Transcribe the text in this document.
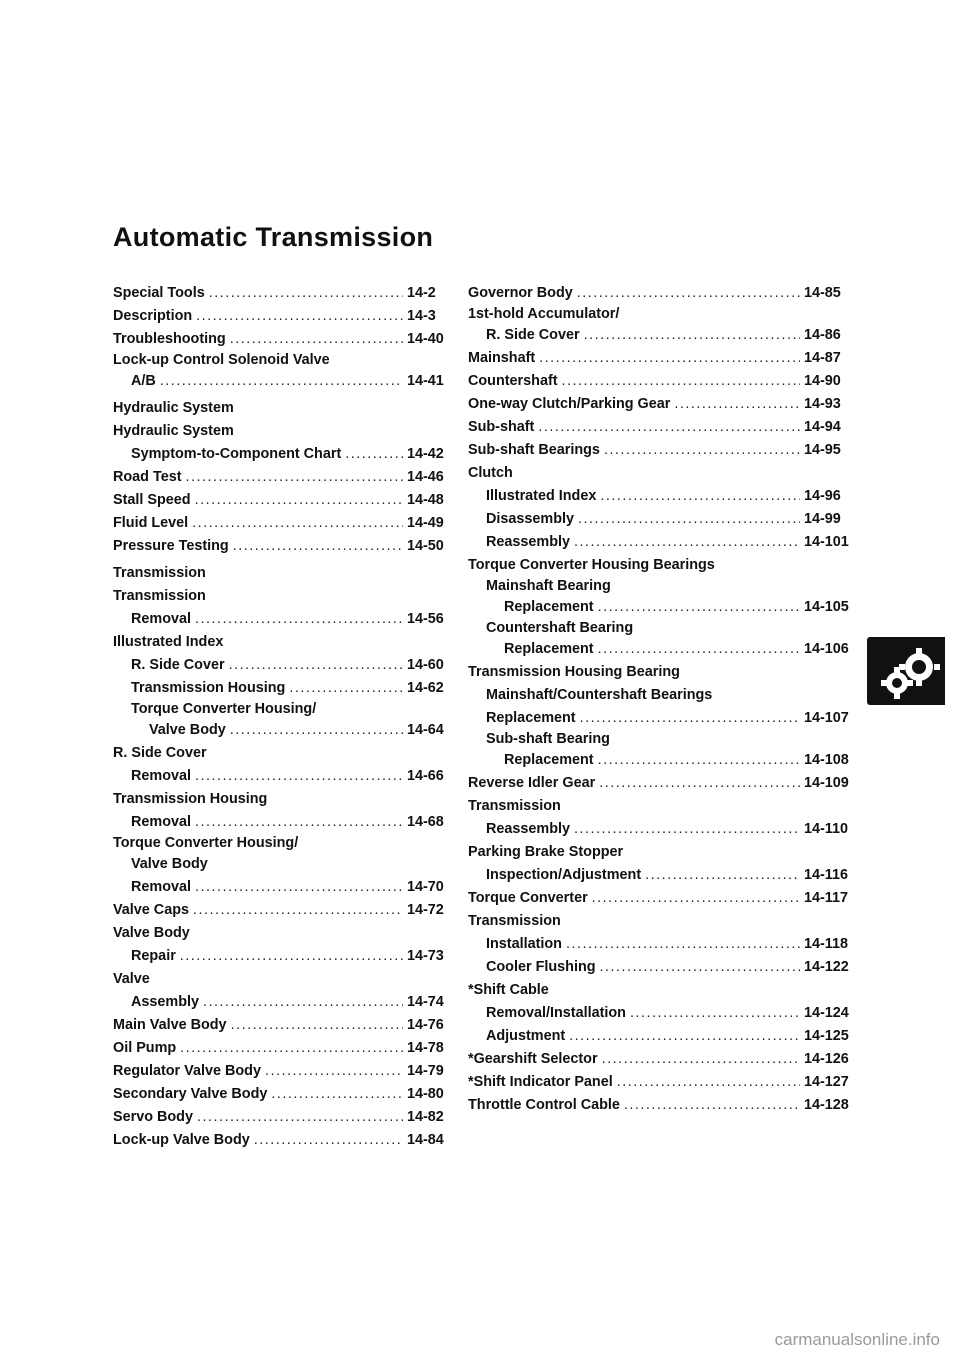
Automatic Transmission
Special Tools .....	14-2
Description .....	14-3
Troubleshooting .....	14-40
Lock-up Control Solenoid Valve
A/B .....	14-41
Hydraulic System
Hydraulic System
Symptom-to-Component Chart .....	14-42
Road Test .....	14-46
Stall Speed .....	14-48
Fluid Level .....	14-49
Pressure Testing .....	14-50
Transmission
Transmission
Removal .....	14-56
Illustrated Index
R. Side Cover .....	14-60
Transmission Housing .....	14-62
Torque Converter Housing/
Valve Body .....	14-64
R. Side Cover
Removal .....	14-66
Transmission Housing
Removal .....	14-68
Torque Converter Housing/
Valve Body
Removal .....	14-70
Valve Caps .....	14-72
Valve Body
Repair .....	14-73
Valve
Assembly .....	14-74
Main Valve Body .....	14-76
Oil Pump .....	14-78
Regulator Valve Body .....	14-79
Secondary Valve Body .....	14-80
Servo Body .....	14-82
Lock-up Valve Body .....	14-84
Governor Body .....	14-85
1st-hold Accumulator/
R. Side Cover .....	14-86
Mainshaft .....	14-87
Countershaft .....	14-90
One-way Clutch/Parking Gear .....	14-93
Sub-shaft .....	14-94
Sub-shaft Bearings .....	14-95
Clutch
Illustrated Index .....	14-96
Disassembly .....	14-99
Reassembly .....	14-101
Torque Converter Housing Bearings
Mainshaft Bearing
Replacement .....	14-105
Countershaft Bearing
Replacement .....	14-106
Transmission Housing Bearing
Mainshaft/Countershaft Bearings
Replacement .....	14-107
Sub-shaft Bearing
Replacement .....	14-108
Reverse Idler Gear .....	14-109
Transmission
Reassembly .....	14-110
Parking Brake Stopper
Inspection/Adjustment .....	14-116
Torque Converter .....	14-117
Transmission
Installation .....	14-118
Cooler Flushing .....	14-122
*Shift Cable
Removal/Installation .....	14-124
Adjustment .....	14-125
*Gearshift Selector .....	14-126
*Shift Indicator Panel .....	14-127
Throttle Control Cable .....	14-128
carmanualsonline.info
